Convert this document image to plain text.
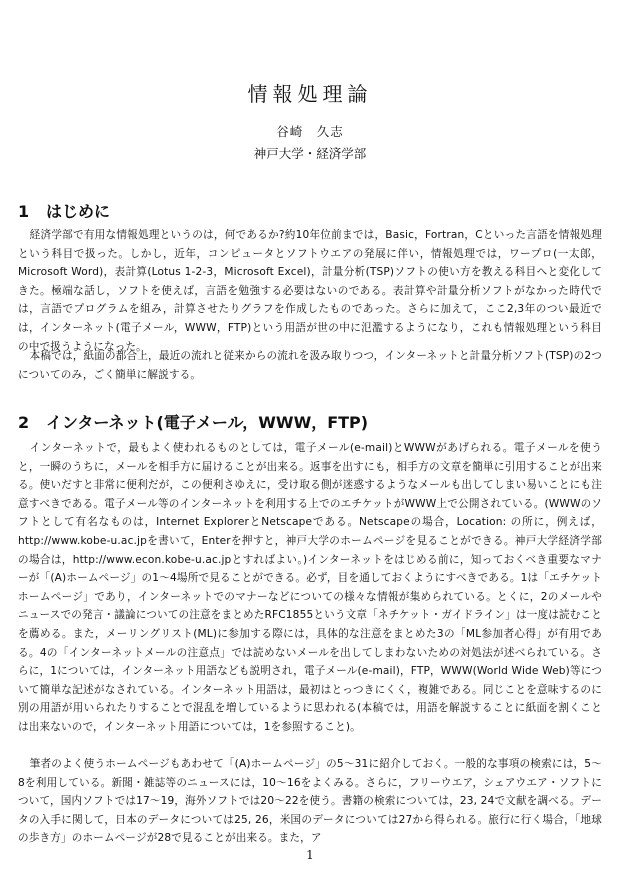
情報処理論
谷崎　久志
神戸大学・経済学部
1 はじめに

経済学部で有用な情報処理というのは，何であるか?約10年位前までは，Basic，Fortran，Cといった言語を情報処理という科目で扱った。しかし，近年，コンピュータとソフトウエアの発展に伴い，情報処理では，ワープロ(一太郎，Microsoft Word)，表計算(Lotus 1-2-3，Microsoft Excel)，計量分析(TSP)ソフトの使い方を教える科目へと変化してきた。極端な話し，ソフトを使えば，言語を勉強する必要はないのである。表計算や計量分析ソフトがなかった時代では，言語でプログラムを組み，計算させたりグラフを作成したものであった。さらに加えて，ここ2,3年のつい最近では，インターネット(電子メール，WWW，FTP)という用語が世の中に氾濫するようになり，これも情報処理という科目の中で扱うようになった。

本稿では，紙面の都合上，最近の流れと従来からの流れを汲み取りつつ，インターネットと計量分析ソフト(TSP)の2つについてのみ，ごく簡単に解説する。

2 インターネット(電子メール，WWW，FTP)

インターネットで，最もよく使われるものとしては，電子メール(e-mail)とWWWがあげられる。電子メールを使うと，一瞬のうちに，メールを相手方に届けることが出来る。返事を出すにも，相手方の文章を簡単に引用することが出来る。使いだすと非常に便利だが，この便利さゆえに，受け取る側が迷惑するようなメールも出してしまい易いことにも注意すべきである。電子メール等のインターネットを利用する上でのエチケットがWWW上で公開されている。(WWWのソフトとして有名なものは，Internet ExplorerとNetscapeである。Netscapeの場合，Location: の所に，例えば，http://www.kobe-u.ac.jpを書いて，Enterを押すと，神戸大学のホームページを見ることができる。神戸大学経済学部の場合は，http://www.econ.kobe-u.ac.jpとすればよい。)インターネットをはじめる前に，知っておくべき重要なマナーが「(A)ホームページ」の1〜4場所で見ることができる。必ず，目を通しておくようにすべきである。1は「エチケットホームページ」であり，インターネットでのマナーなどについての様々な情報が集められている。とくに，2のメールやニュースでの発言・議論についての注意をまとめたRFC1855という文章「ネチケット・ガイドライン」は一度は読むことを薦める。また，メーリングリスト(ML)に参加する際には，具体的な注意をまとめた3の「ML参加者心得」が有用である。4の「インターネットメールの注意点」では読めないメールを出してしまわないための対処法が述べられている。さらに，1については，インターネット用語なども説明され，電子メール(e-mail)，FTP，WWW(World Wide Web)等について簡単な記述がなされている。インターネット用語は，最初はとっつきにくく，複雑である。同じことを意味するのに別の用語が用いられたりすることで混乱を増しているように思われる(本稿では，用語を解説することに紙面を割くことは出来ないので，インターネット用語については，1を参照すること)。

筆者のよく使うホームページもあわせて「(A)ホームページ」の5〜31に紹介しておく。一般的な事項の検索には，5〜8を利用している。新聞・雑誌等のニュースには，10〜16をよくみる。さらに，フリーウエア，シェアウエア・ソフトについて，国内ソフトでは17〜19，海外ソフトでは20〜22を使う。書籍の検索については，23, 24で文献を調べる。データの入手に関して，日本のデータについては25, 26，米国のデータについては27から得られる。旅行に行く場合，「地球の歩き方」のホームページが28で見ることが出来る。また，ア

1
